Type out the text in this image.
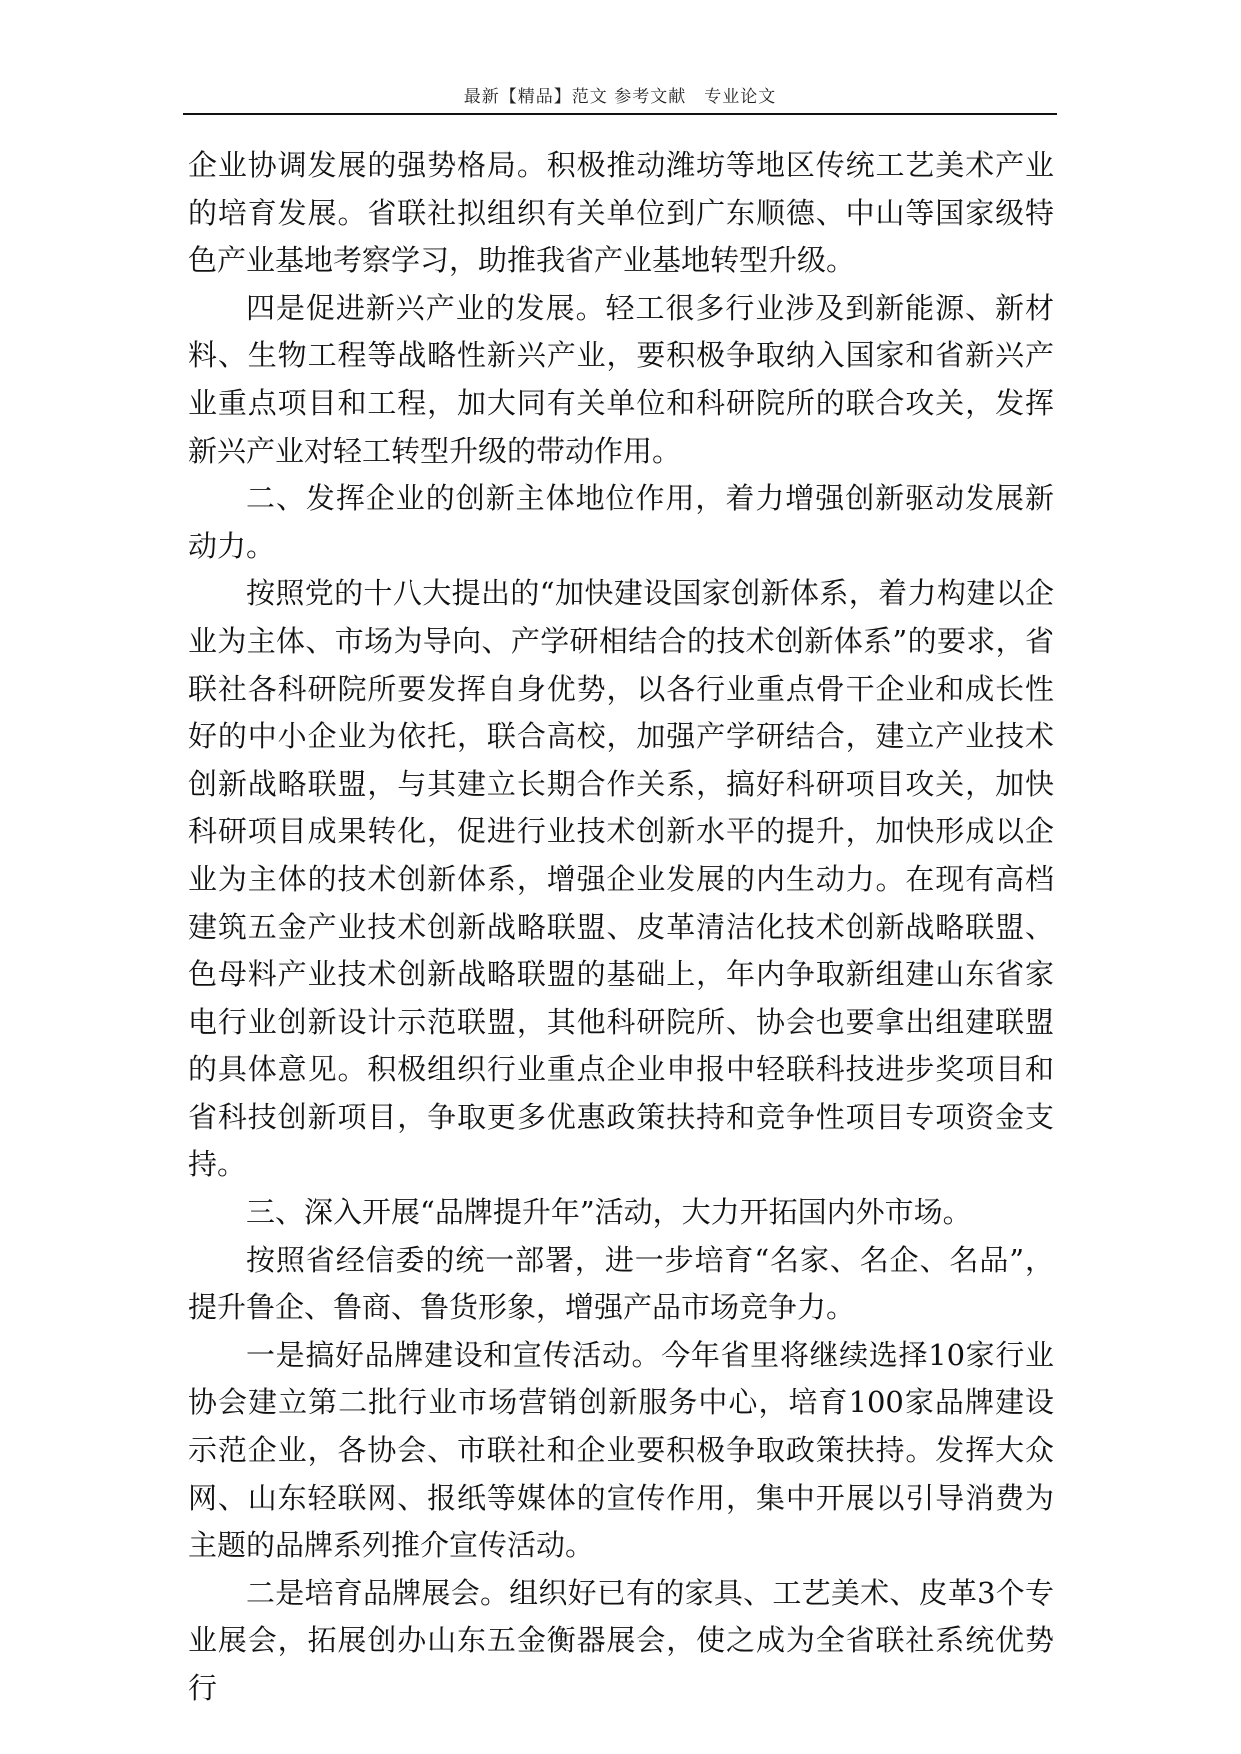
最新【精品】范文 参考文献　专业论文

企业协调发展的强势格局。积极推动潍坊等地区传统工艺美术产业的培育发展。省联社拟组织有关单位到广东顺德、中山等国家级特色产业基地考察学习，助推我省产业基地转型升级。

四是促进新兴产业的发展。轻工很多行业涉及到新能源、新材料、生物工程等战略性新兴产业，要积极争取纳入国家和省新兴产业重点项目和工程，加大同有关单位和科研院所的联合攻关，发挥新兴产业对轻工转型升级的带动作用。

二、发挥企业的创新主体地位作用，着力增强创新驱动发展新动力。

按照党的十八大提出的“加快建设国家创新体系，着力构建以企业为主体、市场为导向、产学研相结合的技术创新体系”的要求，省联社各科研院所要发挥自身优势，以各行业重点骨干企业和成长性好的中小企业为依托，联合高校，加强产学研结合，建立产业技术创新战略联盟，与其建立长期合作关系，搞好科研项目攻关，加快科研项目成果转化，促进行业技术创新水平的提升，加快形成以企业为主体的技术创新体系，增强企业发展的内生动力。在现有高档建筑五金产业技术创新战略联盟、皮革清洁化技术创新战略联盟、色母料产业技术创新战略联盟的基础上，年内争取新组建山东省家电行业创新设计示范联盟，其他科研院所、协会也要拿出组建联盟的具体意见。积极组织行业重点企业申报中轻联科技进步奖项目和省科技创新项目，争取更多优惠政策扶持和竞争性项目专项资金支持。

三、深入开展“品牌提升年”活动，大力开拓国内外市场。

按照省经信委的统一部署，进一步培育“名家、名企、名品”，提升鲁企、鲁商、鲁货形象，增强产品市场竞争力。

一是搞好品牌建设和宣传活动。今年省里将继续选择10家行业协会建立第二批行业市场营销创新服务中心，培育100家品牌建设示范企业，各协会、市联社和企业要积极争取政策扶持。发挥大众网、山东轻联网、报纸等媒体的宣传作用，集中开展以引导消费为主题的品牌系列推介宣传活动。

二是培育品牌展会。组织好已有的家具、工艺美术、皮革3个专业展会，拓展创办山东五金衡器展会，使之成为全省联社系统优势行
